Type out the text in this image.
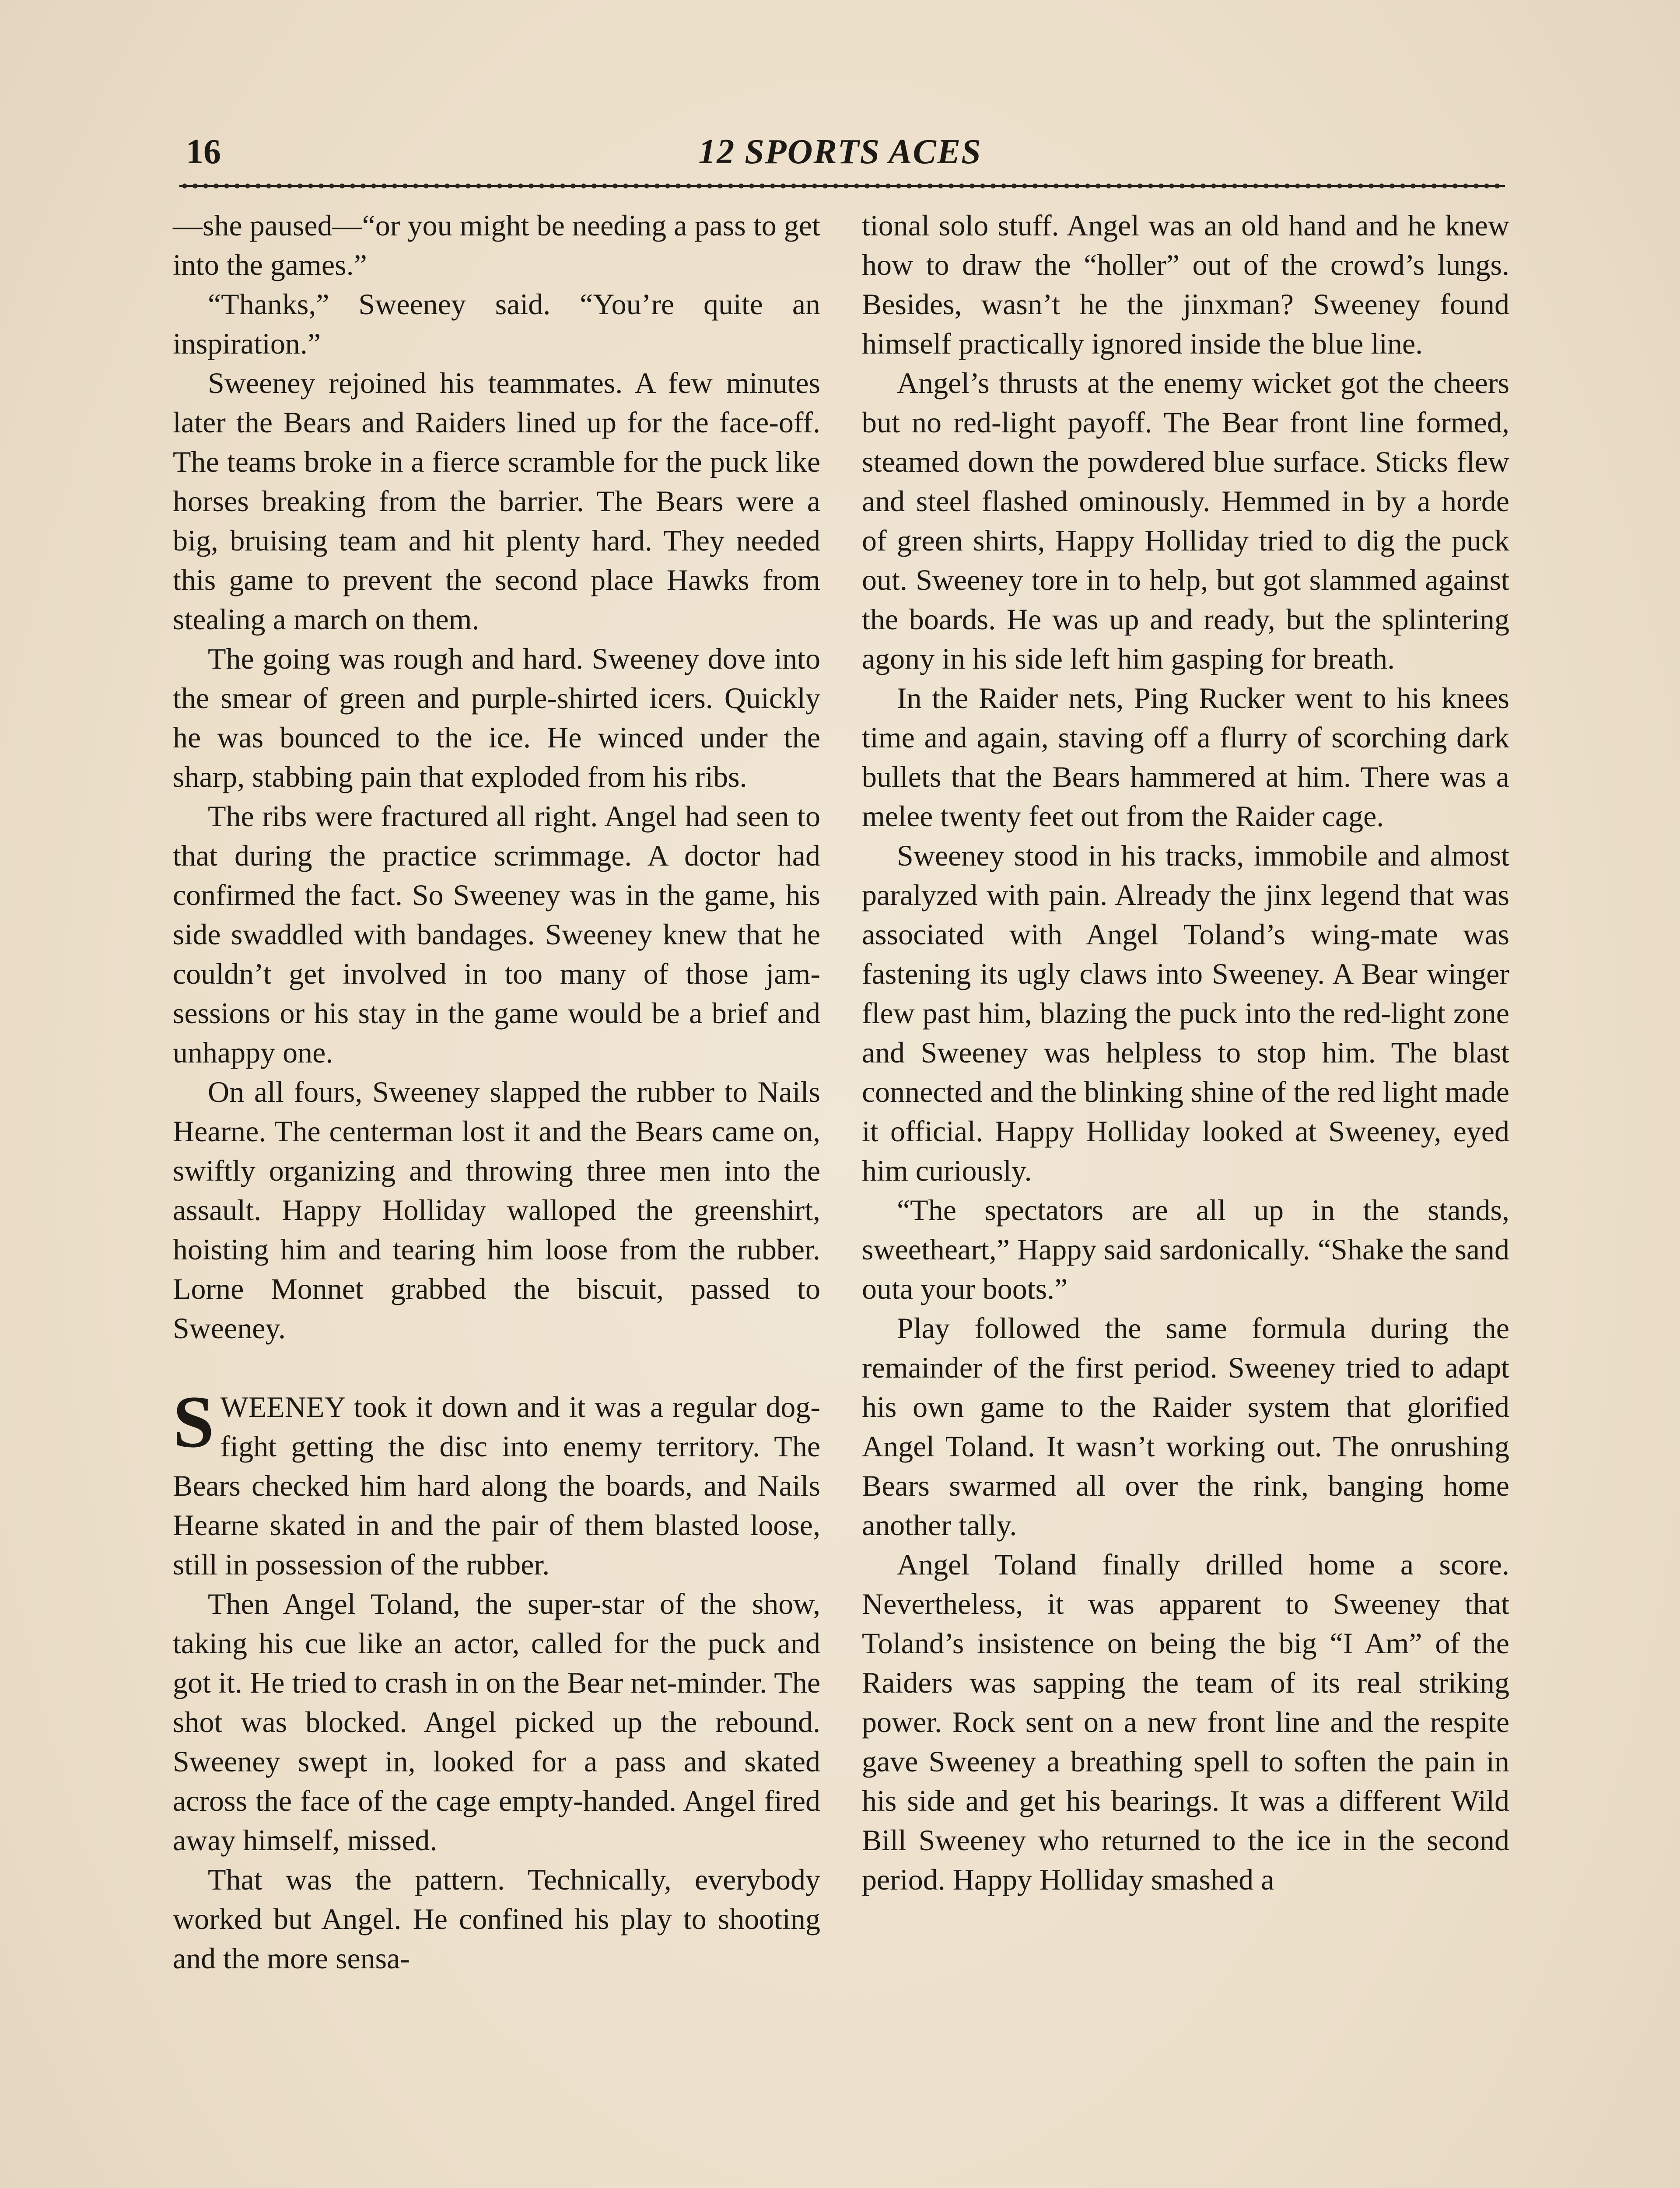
16	12 SPORTS ACES

—she paused—“or you might be needing a pass to get into the games.”

“Thanks,” Sweeney said. “You’re quite an inspiration.”

Sweeney rejoined his teammates. A few minutes later the Bears and Raiders lined up for the face-off. The teams broke in a fierce scramble for the puck like horses breaking from the barrier. The Bears were a big, bruising team and hit plenty hard. They needed this game to prevent the second place Hawks from stealing a march on them.

The going was rough and hard. Sweeney dove into the smear of green and purple-shirted icers. Quickly he was bounced to the ice. He winced under the sharp, stabbing pain that exploded from his ribs.

The ribs were fractured all right. Angel had seen to that during the practice scrimmage. A doctor had confirmed the fact. So Sweeney was in the game, his side swaddled with bandages. Sweeney knew that he couldn’t get involved in too many of those jam-sessions or his stay in the game would be a brief and unhappy one.

On all fours, Sweeney slapped the rubber to Nails Hearne. The centerman lost it and the Bears came on, swiftly organizing and throwing three men into the assault. Happy Holliday walloped the greenshirt, hoisting him and tearing him loose from the rubber. Lorne Monnet grabbed the biscuit, passed to Sweeney.

SWEENEY took it down and it was a regular dog-fight getting the disc into enemy territory. The Bears checked him hard along the boards, and Nails Hearne skated in and the pair of them blasted loose, still in possession of the rubber.

Then Angel Toland, the super-star of the show, taking his cue like an actor, called for the puck and got it. He tried to crash in on the Bear net-minder. The shot was blocked. Angel picked up the rebound. Sweeney swept in, looked for a pass and skated across the face of the cage empty-handed. Angel fired away himself, missed.

That was the pattern. Technically, everybody worked but Angel. He confined his play to shooting and the more sensa-

tional solo stuff. Angel was an old hand and he knew how to draw the “holler” out of the crowd’s lungs. Besides, wasn’t he the jinxman? Sweeney found himself practically ignored inside the blue line.

Angel’s thrusts at the enemy wicket got the cheers but no red-light payoff. The Bear front line formed, steamed down the powdered blue surface. Sticks flew and steel flashed ominously. Hemmed in by a horde of green shirts, Happy Holliday tried to dig the puck out. Sweeney tore in to help, but got slammed against the boards. He was up and ready, but the splintering agony in his side left him gasping for breath.

In the Raider nets, Ping Rucker went to his knees time and again, staving off a flurry of scorching dark bullets that the Bears hammered at him. There was a melee twenty feet out from the Raider cage.

Sweeney stood in his tracks, immobile and almost paralyzed with pain. Already the jinx legend that was associated with Angel Toland’s wing-mate was fastening its ugly claws into Sweeney. A Bear winger flew past him, blazing the puck into the red-light zone and Sweeney was helpless to stop him. The blast connected and the blinking shine of the red light made it official. Happy Holliday looked at Sweeney, eyed him curiously.

“The spectators are all up in the stands, sweetheart,” Happy said sardonically. “Shake the sand outa your boots.”

Play followed the same formula during the remainder of the first period. Sweeney tried to adapt his own game to the Raider system that glorified Angel Toland. It wasn’t working out. The onrushing Bears swarmed all over the rink, banging home another tally.

Angel Toland finally drilled home a score. Nevertheless, it was apparent to Sweeney that Toland’s insistence on being the big “I Am” of the Raiders was sapping the team of its real striking power. Rock sent on a new front line and the respite gave Sweeney a breathing spell to soften the pain in his side and get his bearings. It was a different Wild Bill Sweeney who returned to the ice in the second period. Happy Holliday smashed a
